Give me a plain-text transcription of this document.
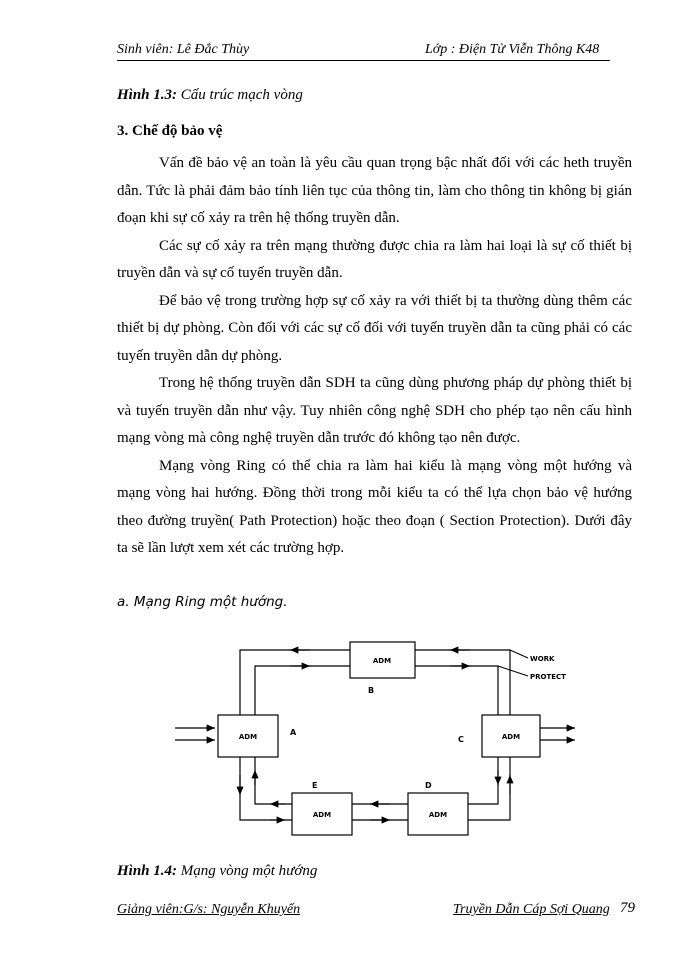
Sinh viên: Lê Đắc Thùy	Lớp : Điện Tử Viễn Thông K48
Hình 1.3: Cấu trúc mạch vòng
3. Chế độ bảo vệ

Vấn đề bảo vệ an toàn là yêu cầu quan trọng bậc nhất đối với các heth truyền dẫn. Tức là phải đảm bảo tính liên tục của thông tin, làm cho thông tin không bị gián đoạn khi sự cố xảy ra trên hệ thống truyền dẫn.

Các sự cố xảy ra trên mạng thường được chia ra làm hai loại là sự cố thiết bị truyền dẫn và sự cố tuyến truyền dẫn.

Để bảo vệ trong trường hợp sự cố xảy ra với thiết bị ta thường dùng thêm các thiết bị dự phòng. Còn đối với các sự cố đối với tuyến truyền dẫn ta cũng phải có các tuyến truyền dẫn dự phòng.

Trong hệ thống truyền dẫn SDH ta cũng dùng phương pháp dự phòng thiết bị và tuyến truyền dẫn như vậy. Tuy nhiên công nghệ SDH cho phép tạo nên cấu hình mạng vòng mà công nghệ truyền dẫn trước đó không tạo nên được.

Mạng vòng Ring có thể chia ra làm hai kiểu là mạng vòng một hướng và mạng vòng hai hướng. Đồng thời trong mỗi kiểu ta có thể lựa chọn bảo vệ hướng theo đường truyền( Path Protection) hoặc theo đoạn ( Section Protection). Dưới đây ta sẽ lần lượt xem xét các trường hợp.

a. Mạng Ring một hướng.
WORK
PROTECT
ADM
B
ADM	A	ADM
C
ADM
E
ADM
D
Hình 1.4: Mạng vòng một hướng
Giảng viên:G/s: Nguyễn Khuyến	Truyền Dẫn Cáp Sợi Quang 79
